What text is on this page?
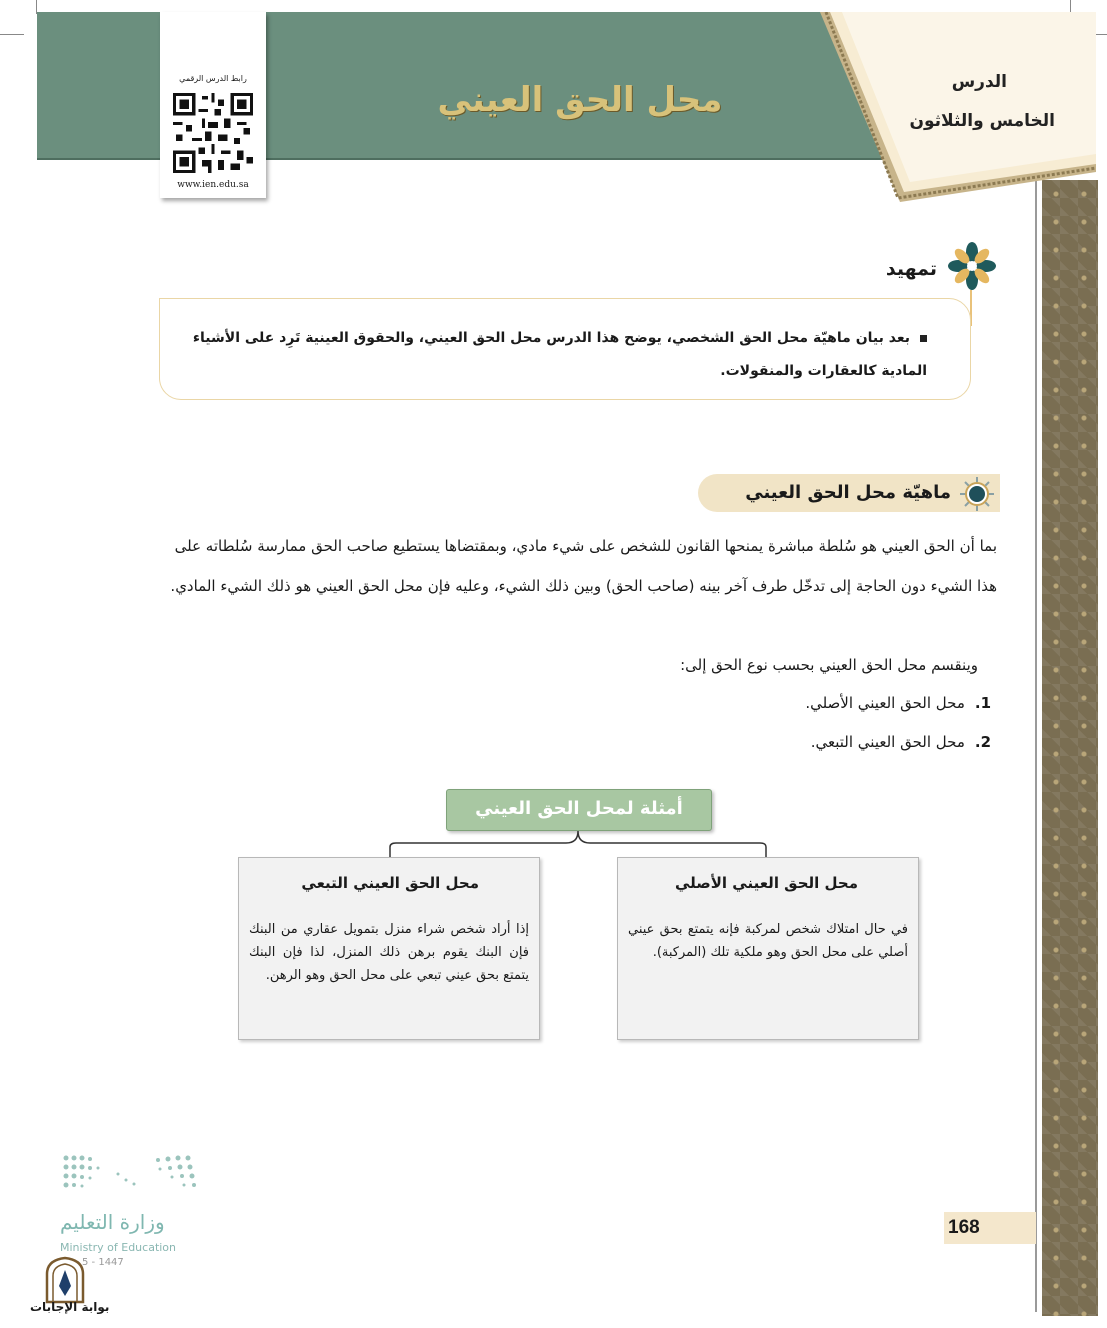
محل الحق العيني
رابط الدرس الرقمي
www.ien.edu.sa
الدرس
الخامس والثلاثون
تمهيد
بعد بيان ماهيّة محل الحق الشخصي، يوضح هذا الدرس محل الحق العيني، والحقوق العينية تَرِد على الأشياء المادية كالعقارات والمنقولات.
ماهيّة محل الحق العيني
بما أن الحق العيني هو سُلطة مباشرة يمنحها القانون للشخص على شيء مادي، وبمقتضاها يستطيع صاحب الحق ممارسة سُلطاته على هذا الشيء دون الحاجة إلى تدخّل طرف آخر بينه (صاحب الحق) وبين ذلك الشيء، وعليه فإن محل الحق العيني هو ذلك الشيء المادي.
وينقسم محل الحق العيني بحسب نوع الحق إلى:
1.محل الحق العيني الأصلي.
2.محل الحق العيني التبعي.
أمثلة لمحل الحق العيني
محل الحق العيني الأصلي
في حال امتلاك شخص لمركبة فإنه يتمتع بحق عيني أصلي على محل الحق وهو ملكية تلك (المركبة).
محل الحق العيني التبعي
إذا أراد شخص شراء منزل بتمويل عقاري من البنك فإن البنك يقوم برهن ذلك المنزل، لذا فإن البنك يتمتع بحق عيني تبعي على محل الحق وهو الرهن.
وزارة التعليم
Ministry of Education
5 - 1447
بوابة الإجابات
168
